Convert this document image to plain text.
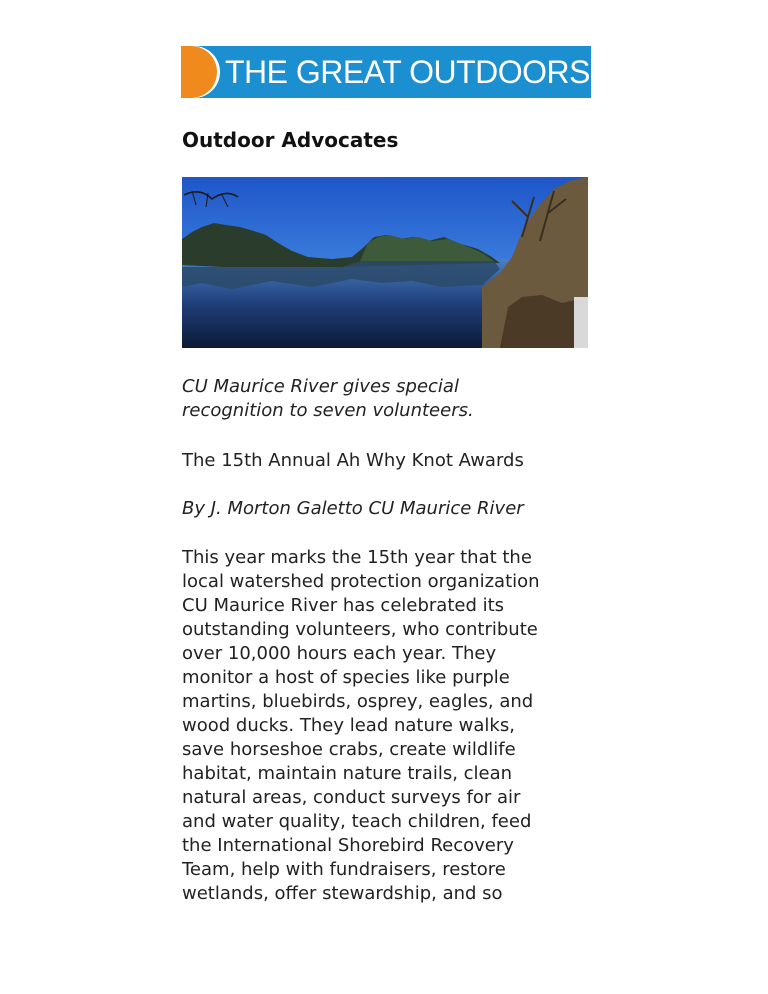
THE GREAT OUTDOORS
Outdoor Advocates

CU Maurice River gives special
recognition to seven volunteers.

The 15th Annual Ah Why Knot Awards

By J. Morton Galetto CU Maurice River

This year marks the 15th year that the
local watershed protection organization
CU Maurice River has celebrated its
outstanding volunteers, who contribute
over 10,000 hours each year. They
monitor a host of species like purple
martins, bluebirds, osprey, eagles, and
wood ducks. They lead nature walks,
save horseshoe crabs, create wildlife
habitat, maintain nature trails, clean
natural areas, conduct surveys for air
and water quality, teach children, feed
the International Shorebird Recovery
Team, help with fundraisers, restore
wetlands, offer stewardship, and so
